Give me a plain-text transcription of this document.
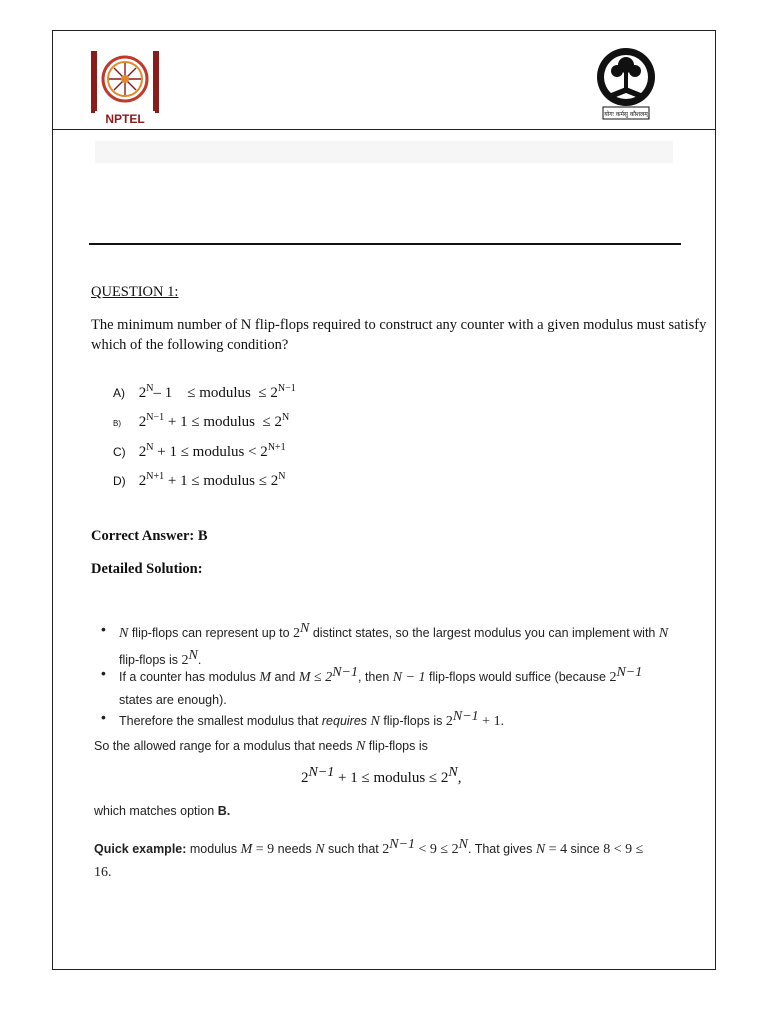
NPTEL	योगः कर्मसु कौशलम्
QUESTION 1:
The minimum number of N flip-flops required to construct any counter with a given modulus must satisfy which of the following condition?
A) $2^N-$ 1    ≤ modulus  ≤ $2^{N-1}$
B) $2^{N-1} + 1$ ≤ modulus  ≤ $2^N$
C) $2^N + 1$ ≤ modulus < $2^{N+1}$
D) $2^{N+1} + 1$ ≤ modulus ≤ $2^N$
Correct Answer: B
Detailed Solution:
• N flip-flops can represent up to $2^N$ distinct states, so the largest modulus you can implement with N
flip-flops is $2^N$.
• If a counter has modulus M and $M \le 2^{N-1}$, then N − 1 flip-flops would suffice (because $2^{N-1}$
states are enough).
• Therefore the smallest modulus that requires N flip-flops is $2^{N-1} + 1$.
So the allowed range for a modulus that needs N flip-flops is
$2^{N-1} + 1$ ≤ modulus ≤ $2^N$,
which matches option B.
Quick example: modulus M = 9 needs N such that $2^{N-1} < 9 \le 2^N$. That gives N = 4 since 8 < 9 ≤
16.
